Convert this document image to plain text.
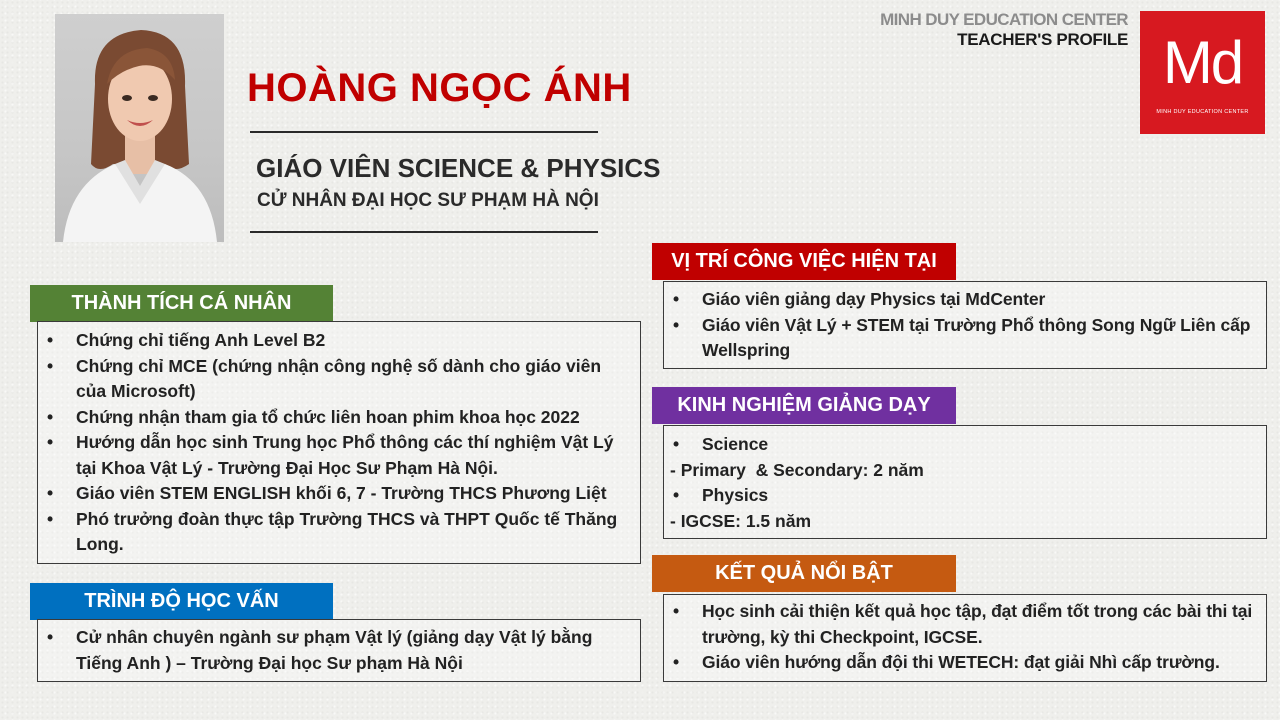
HOÀNG NGỌC ÁNH
GIÁO VIÊN SCIENCE & PHYSICS
CỬ NHÂN ĐẠI HỌC SƯ PHẠM HÀ NỘI
MINH DUY EDUCATION CENTER
TEACHER'S PROFILE Md
MINH DUY EDUCATION CENTER
THÀNH TÍCH CÁ NHÂN
• Chứng chỉ tiếng Anh Level B2
• Chứng chỉ MCE (chứng nhận công nghệ số dành cho giáo viên của Microsoft)
• Chứng nhận tham gia tổ chức liên hoan phim khoa học 2022
• Hướng dẫn học sinh Trung học Phổ thông các thí nghiệm Vật Lý tại Khoa Vật Lý - Trường Đại Học Sư Phạm Hà Nội.
• Giáo viên STEM ENGLISH khối 6, 7 - Trường THCS Phương Liệt
• Phó trưởng đoàn thực tập Trường THCS và THPT Quốc tế Thăng Long.
TRÌNH ĐỘ HỌC VẤN
• Cử nhân chuyên ngành sư phạm Vật lý (giảng dạy Vật lý bằng Tiếng Anh ) – Trường Đại học Sư phạm Hà Nội
VỊ TRÍ CÔNG VIỆC HIỆN TẠI
• Giáo viên giảng dạy Physics tại MdCenter
• Giáo viên Vật Lý + STEM tại Trường Phổ thông Song Ngữ Liên cấp Wellspring
KINH NGHIỆM GIẢNG DẠY
• Science
- Primary  & Secondary: 2 năm
• Physics
- IGCSE: 1.5 năm
KẾT QUẢ NỔI BẬT
• Học sinh cải thiện kết quả học tập, đạt điểm tốt trong các bài thi tại trường, kỳ thi Checkpoint, IGCSE.
• Giáo viên hướng dẫn đội thi WETECH: đạt giải Nhì cấp trường.
